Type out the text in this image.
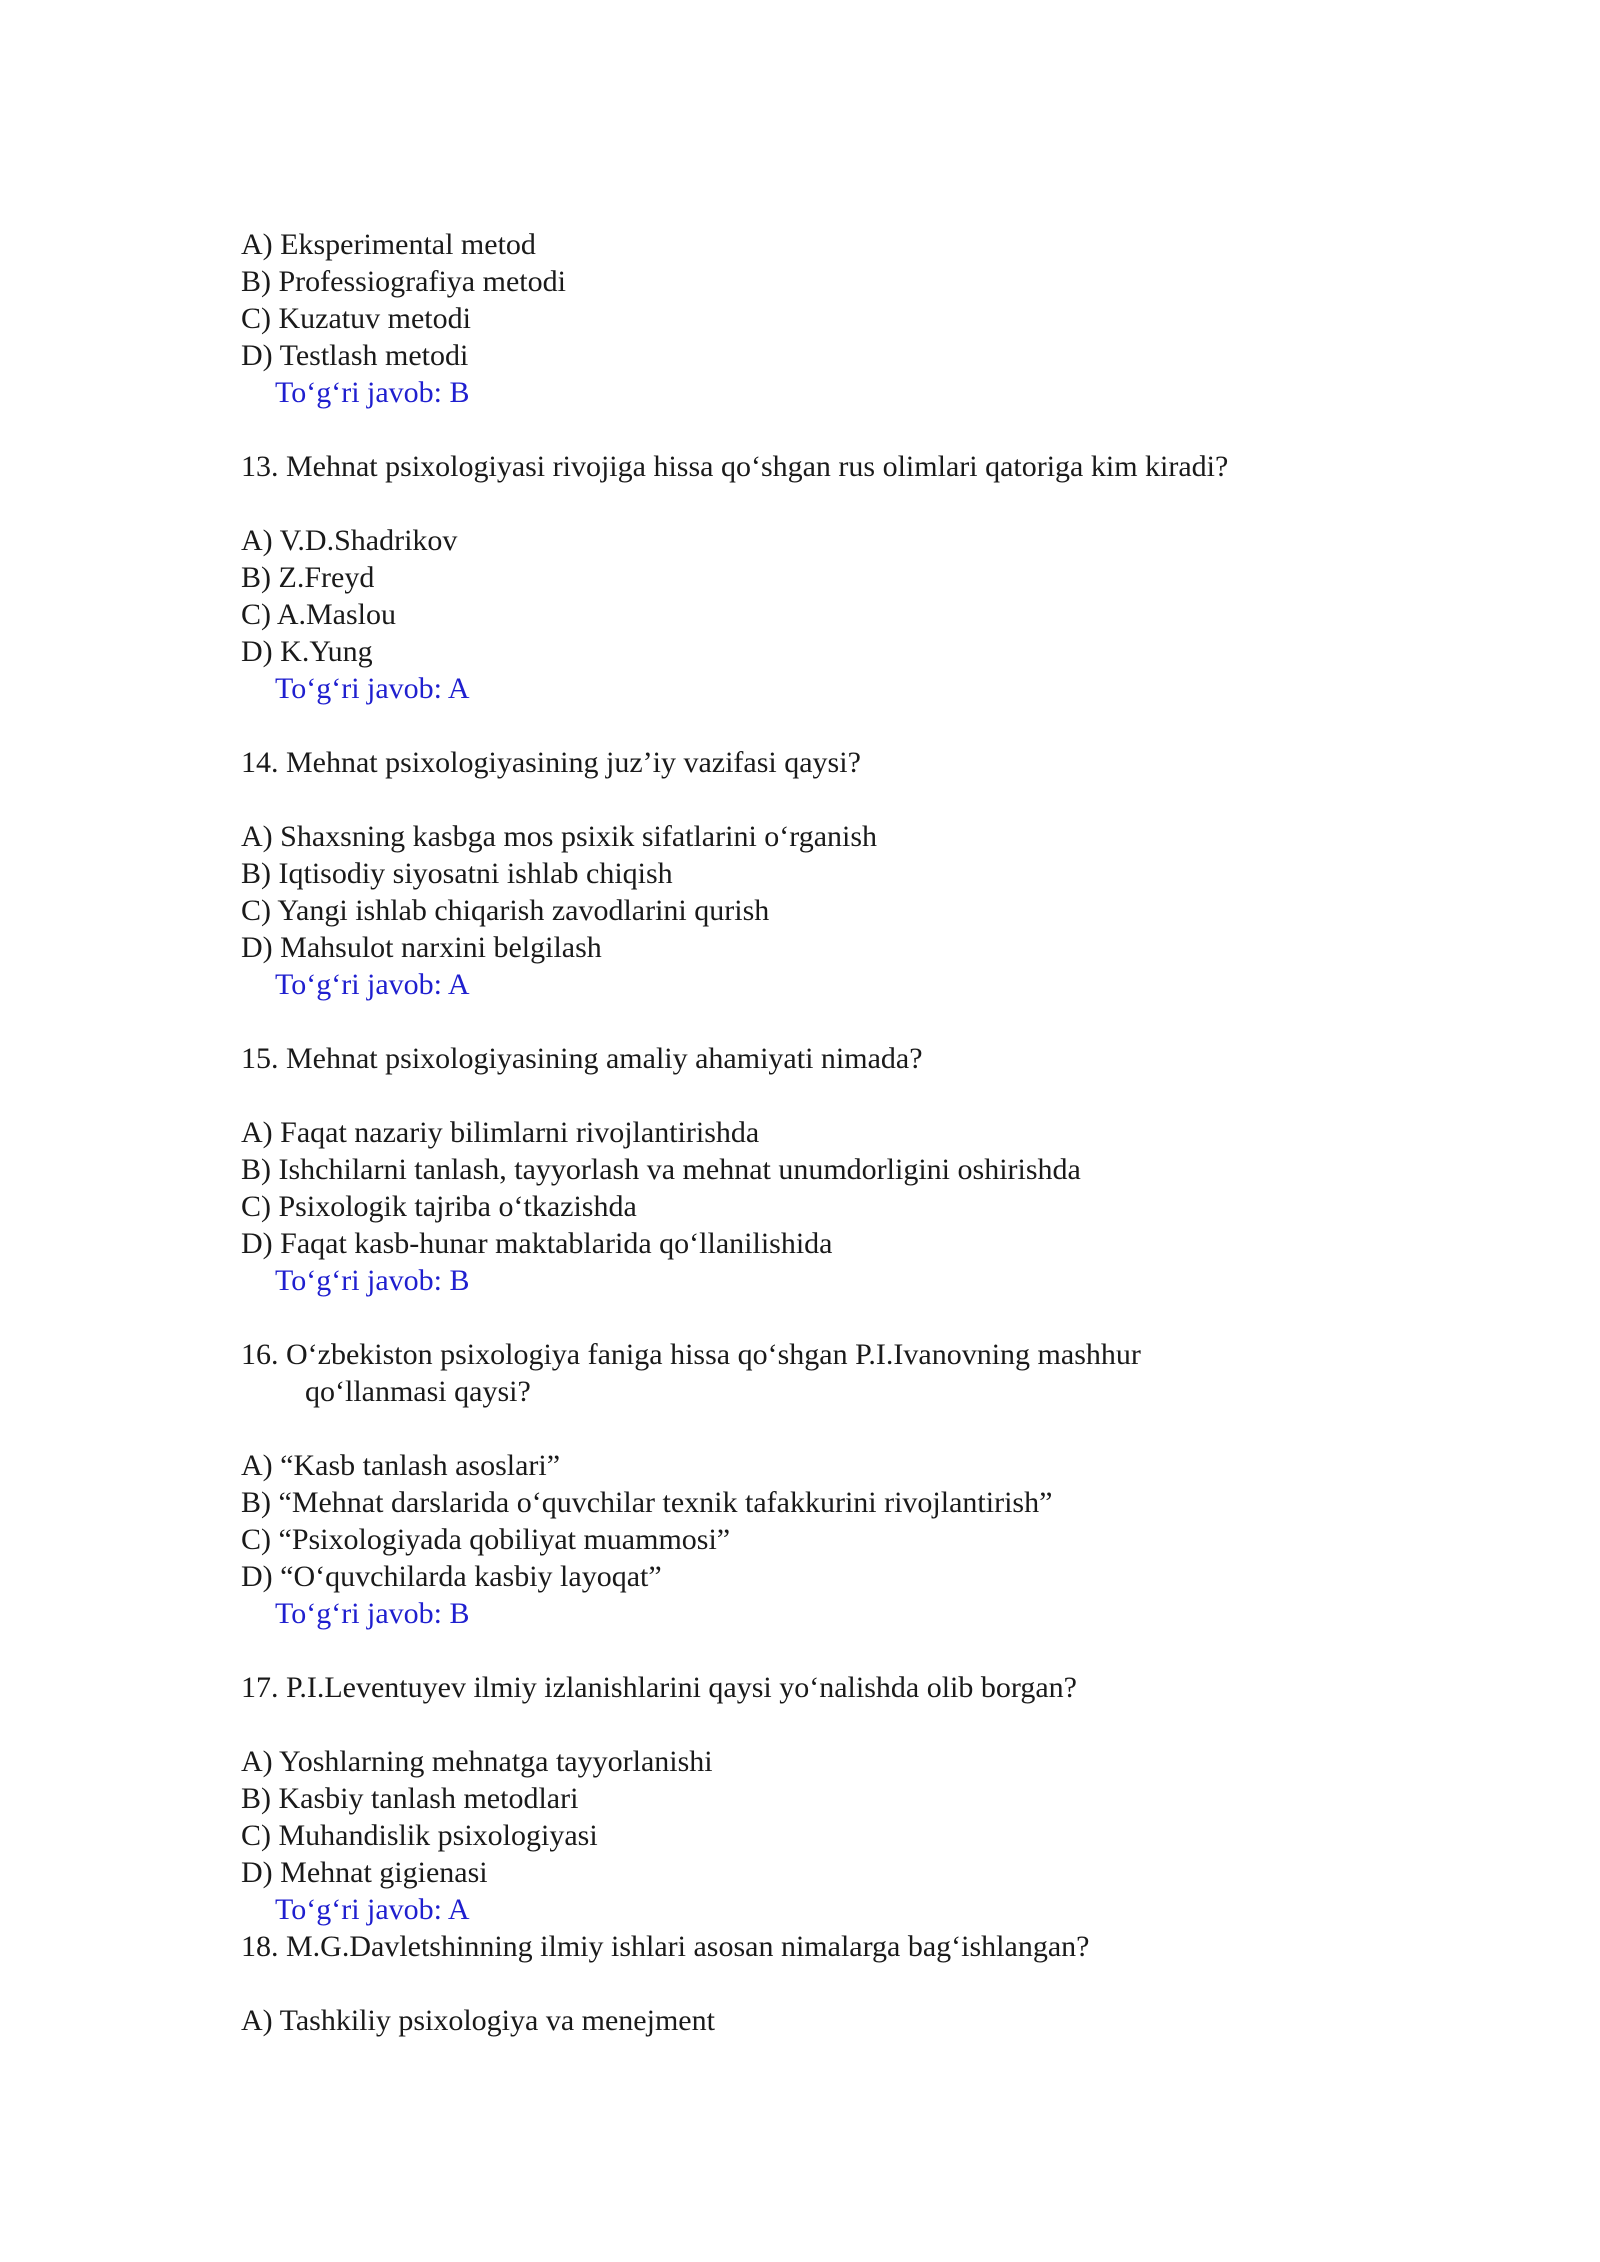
A) Eksperimental metod
B) Professiografiya metodi
C) Kuzatuv metodi
D) Testlash metodi
To‘g‘ri javob: B
13. Mehnat psixologiyasi rivojiga hissa qo‘shgan rus olimlari qatoriga kim kiradi?
A) V.D.Shadrikov
B) Z.Freyd
C) A.Maslou
D) K.Yung
To‘g‘ri javob: A
14. Mehnat psixologiyasining juz’iy vazifasi qaysi?
A) Shaxsning kasbga mos psixik sifatlarini o‘rganish
B) Iqtisodiy siyosatni ishlab chiqish
C) Yangi ishlab chiqarish zavodlarini qurish
D) Mahsulot narxini belgilash
To‘g‘ri javob: A
15. Mehnat psixologiyasining amaliy ahamiyati nimada?
A) Faqat nazariy bilimlarni rivojlantirishda
B) Ishchilarni tanlash, tayyorlash va mehnat unumdorligini oshirishda
C) Psixologik tajriba o‘tkazishda
D) Faqat kasb-hunar maktablarida qo‘llanilishida
To‘g‘ri javob: B
16. O‘zbekiston psixologiya faniga hissa qo‘shgan P.I.Ivanovning mashhur
qo‘llanmasi qaysi?
A) “Kasb tanlash asoslari”
B) “Mehnat darslarida o‘quvchilar texnik tafakkurini rivojlantirish”
C) “Psixologiyada qobiliyat muammosi”
D) “O‘quvchilarda kasbiy layoqat”
To‘g‘ri javob: B
17. P.I.Leventuyev ilmiy izlanishlarini qaysi yo‘nalishda olib borgan?
A) Yoshlarning mehnatga tayyorlanishi
B) Kasbiy tanlash metodlari
C) Muhandislik psixologiyasi
D) Mehnat gigienasi
To‘g‘ri javob: A
18. M.G.Davletshinning ilmiy ishlari asosan nimalarga bag‘ishlangan?
A) Tashkiliy psixologiya va menejment
